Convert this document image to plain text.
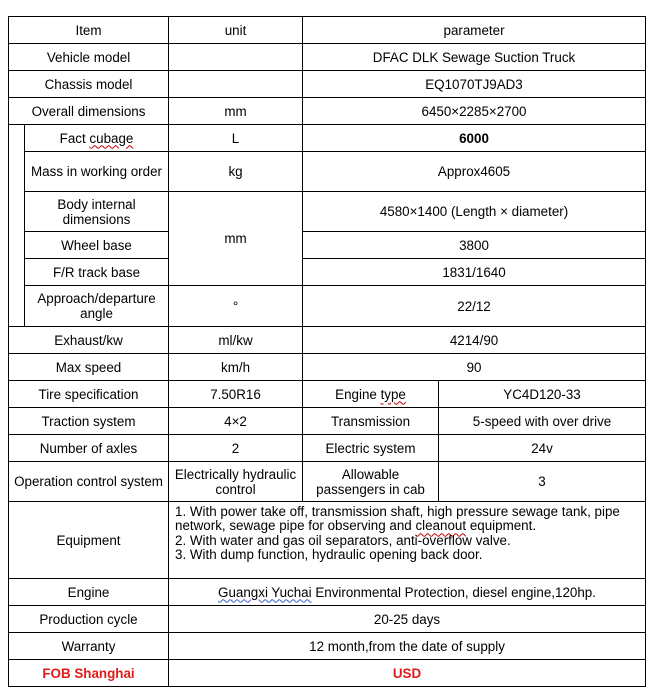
Item		unit	parameter	
Vehicle model			DFAC DLK Sewage Suction Truck	
Chassis model			EQ1070TJ9AD3	
Overall dimensions		mm	6450×2285×2700	
	Fact cubage	L	6000	
	Mass in working order	kg	Approx4605	
	Body internal dimensions	mm	4580×1400 (Length × diameter)	
	Wheel base		3800	
	F/R track base		1831/1640	
	Approach/departure angle	°	22/12	
Exhaust/kw		ml/kw	4214/90	
Max speed		km/h	90	
Tire specification		7.50R16	Engine type	YC4D120-33
Traction system		4×2	Transmission	5-speed with over drive
Number of axles		2	Electric system	24v
Operation control system		Electrically hydraulic control	Allowable passengers in cab	3
Equipment		1. With power take off, transmission shaft, high pressure sewage tank, pipe network, sewage pipe for observing and cleanout equipment.
2. With water and gas oil separators, anti-overflow valve.
3. With dump function, hydraulic opening back door.		

Engine		Guangxi Yuchai Environmental Protection, diesel engine,120hp.		
Production cycle		20-25 days		
Warranty		12 month,from the date of supply		
FOB Shanghai		USD		
